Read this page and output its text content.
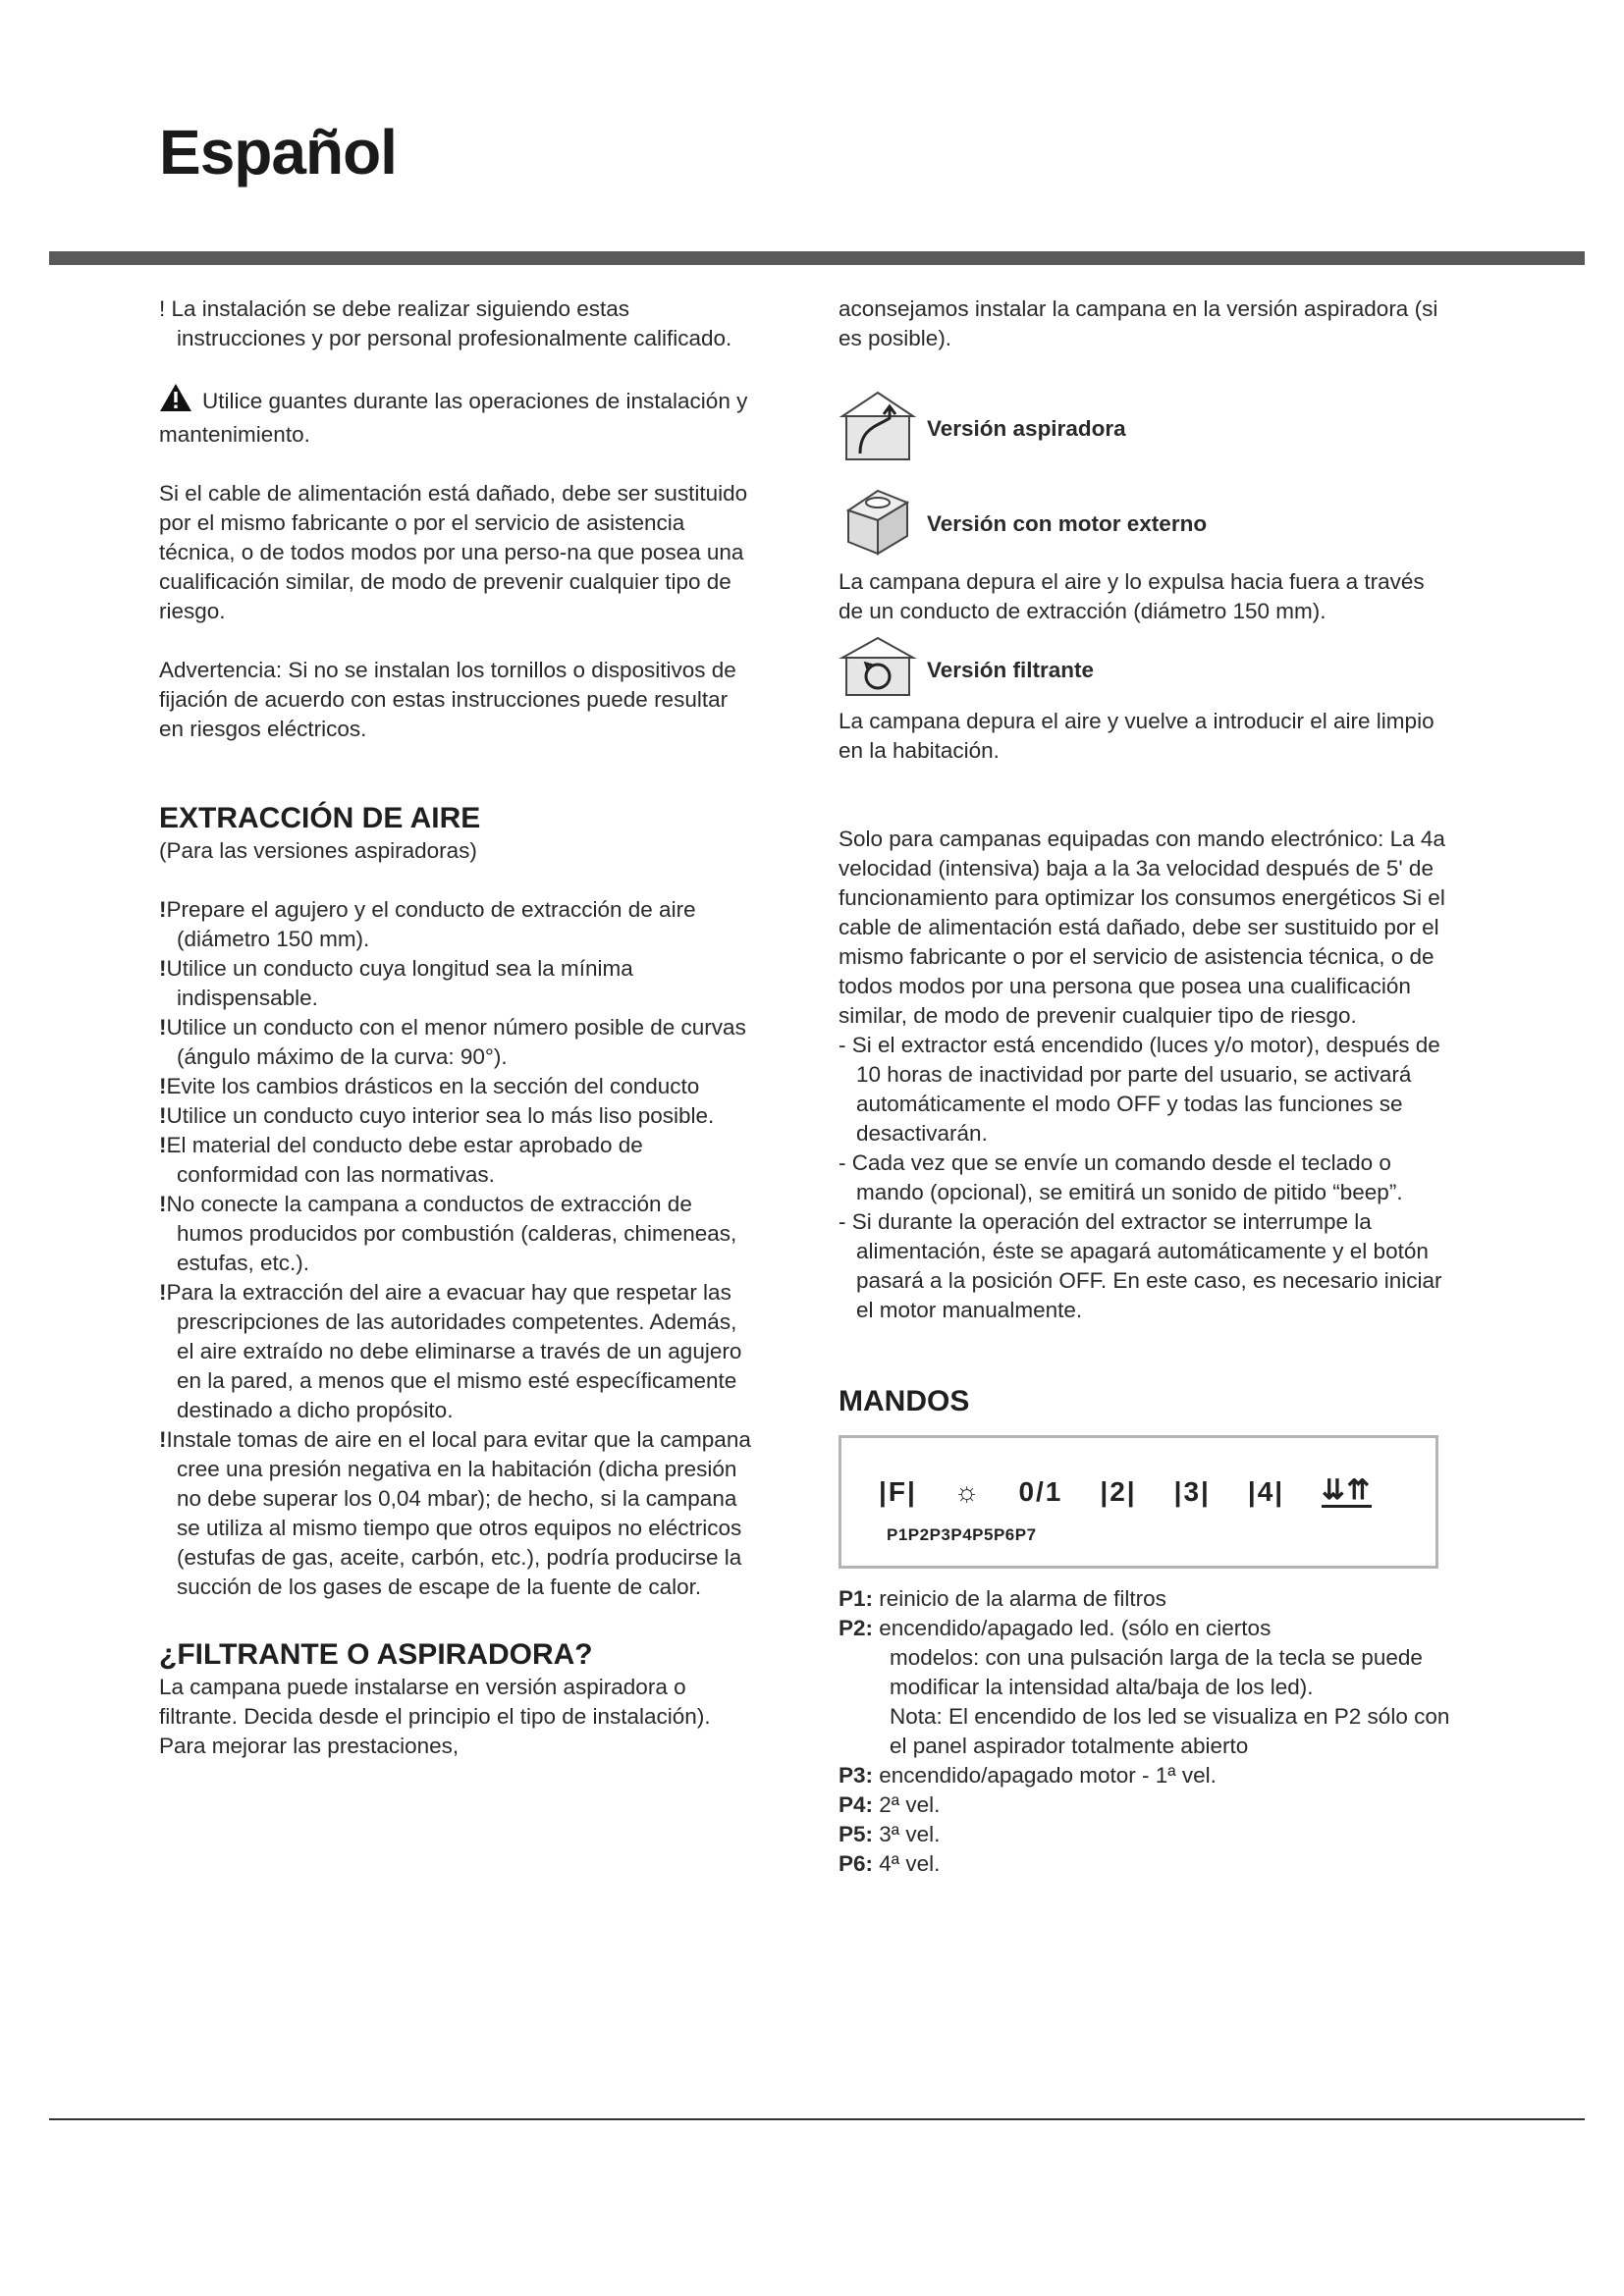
Español

! La instalación se debe realizar siguiendo estas instrucciones y por personal profesionalmente calificado.

Utilice guantes durante las operaciones de instalación y mantenimiento.

Si el cable de alimentación está dañado, debe ser sustituido por el mismo fabricante o por el servicio de asistencia técnica, o de todos modos por una perso-na que posea una cualificación similar, de modo de prevenir cualquier tipo de riesgo.

Advertencia: Si no se instalan los tornillos o dispositivos de fijación de acuerdo con estas instrucciones puede resultar en riesgos eléctricos.

EXTRACCIÓN DE AIRE

(Para las versiones aspiradoras)

!Prepare el agujero y el conducto de extracción de aire (diámetro 150 mm).

!Utilice un conducto cuya longitud sea la mínima indispensable.

!Utilice un conducto con el menor número posible de curvas (ángulo máximo de la curva: 90°).

!Evite los cambios drásticos en la sección del conducto

!Utilice un conducto cuyo interior sea lo más liso posible.

!El material del conducto debe estar aprobado de conformidad con las normativas.

!No conecte la campana a conductos de extracción de humos producidos por combustión (calderas, chimeneas, estufas, etc.).

!Para la extracción del aire a evacuar hay que respetar las prescripciones de las autoridades competentes. Además, el aire extraído no debe eliminarse a través de un agujero en la pared, a menos que el mismo esté específicamente destinado a dicho propósito.

!Instale tomas de aire en el local para evitar que la campana cree una presión negativa en la habitación (dicha presión no debe superar los 0,04 mbar); de hecho, si la campana se utiliza al mismo tiempo que otros equipos no eléctricos (estufas de gas, aceite, carbón, etc.), podría producirse la succión de los gases de escape de la fuente de calor.

¿FILTRANTE O ASPIRADORA?

La campana puede instalarse en versión aspiradora o filtrante. Decida desde el principio el tipo de instalación). Para mejorar las prestaciones,

aconsejamos instalar la campana en la versión aspiradora (si es posible).

Versión aspiradora
Versión con motor externo

La campana depura el aire y lo expulsa hacia fuera a través de un conducto de extracción (diámetro 150 mm).

Versión filtrante

La campana depura el aire y vuelve a introducir el aire limpio en la habitación.

Solo para campanas equipadas con mando electrónico: La 4a velocidad (intensiva) baja a la 3a velocidad después de 5' de funcionamiento para optimizar los consumos energéticos Si el cable de alimentación está dañado, debe ser sustituido por el mismo fabricante o por el servicio de asistencia técnica, o de todos modos por una persona que posea una cualificación similar, de modo de prevenir cualquier tipo de riesgo.

- Si el extractor está encendido (luces y/o motor), después de 10 horas de inactividad por parte del usuario, se activará automáticamente el modo OFF y todas las funciones se desactivarán.

- Cada vez que se envíe un comando desde el teclado o mando (opcional), se emitirá un sonido de pitido “beep”.

- Si durante la operación del extractor se interrumpe la alimentación, éste se apagará automáticamente y el botón pasará a la posición OFF. En este caso, es necesario iniciar el motor manualmente.

MANDOS
|F| ☼ 0/1 |2| |3| |4| ⇊⇈
P1P2P3P4P5P6P7
P1: reinicio de la alarma de filtros
P2: encendido/apagado led. (sólo en ciertos
modelos: con una pulsación larga de la tecla se puede modificar la intensidad alta/baja de los led).
Nota: El encendido de los led se visualiza en P2 sólo con el panel aspirador totalmente abierto
P3: encendido/apagado motor - 1ª vel.
P4: 2ª vel.
P5: 3ª vel.
P6: 4ª vel.
